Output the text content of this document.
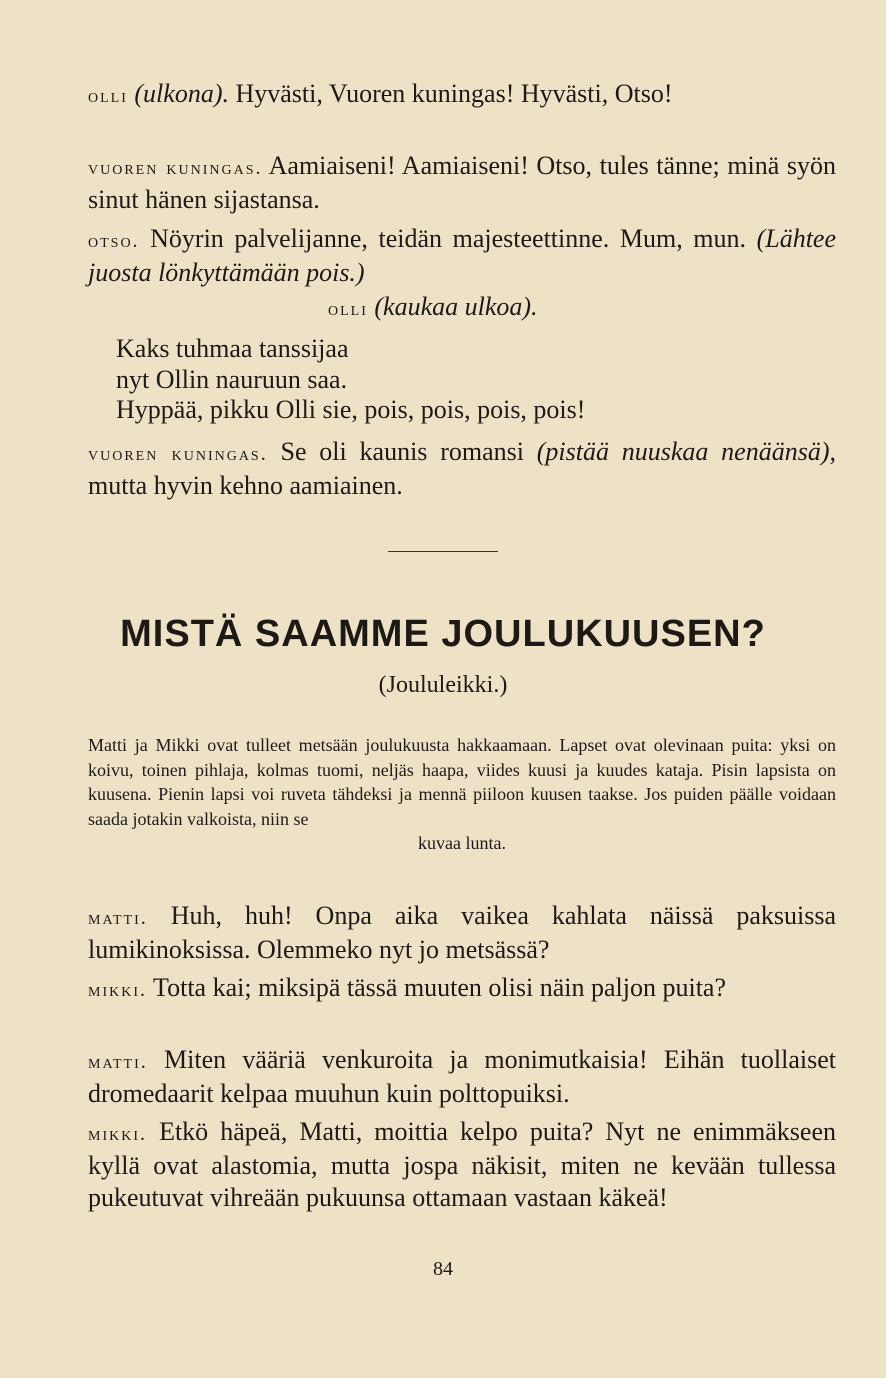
olli (ulkona). Hyvästi, Vuoren kuningas! Hyvästi, Otso!

vuoren kuningas. Aamiaiseni! Aamiaiseni! Otso, tules tänne; minä syön sinut hänen sijastansa.

otso. Nöyrin palvelijanne, teidän majesteettinne. Mum, mun. (Lähtee juosta lönkyttämään pois.)

olli (kaukaa ulkoa).

Kaks tuhmaa tanssijaa

nyt Ollin nauruun saa.

Hyppää, pikku Olli sie, pois, pois, pois, pois!

vuoren kuningas. Se oli kaunis romansi (pistää nuuskaa nenäänsä), mutta hyvin kehno aamiainen.

MISTÄ SAAMME JOULUKUUSEN?
(Joululeikki.)

Matti ja Mikki ovat tulleet metsään joulukuusta hakkaamaan. Lapset ovat olevinaan puita: yksi on koivu, toinen pihlaja, kolmas tuomi, neljäs haapa, viides kuusi ja kuudes kataja. Pisin lapsista on kuusena. Pienin lapsi voi ruveta tähdeksi ja mennä piiloon kuusen taakse. Jos puiden päälle voidaan saada jotakin valkoista, niin se

kuvaa lunta.

matti. Huh, huh! Onpa aika vaikea kahlata näissä paksuissa lumikinoksissa. Olemmeko nyt jo metsässä?

mikki. Totta kai; miksipä tässä muuten olisi näin paljon puita?

matti. Miten vääriä venkuroita ja monimutkaisia! Eihän tuollaiset dromedaarit kelpaa muuhun kuin polttopuiksi.

mikki. Etkö häpeä, Matti, moittia kelpo puita? Nyt ne enimmäkseen kyllä ovat alastomia, mutta jospa näkisit, miten ne kevään tullessa pukeutuvat vihreään pukuunsa ottamaan vastaan käkeä!

84
